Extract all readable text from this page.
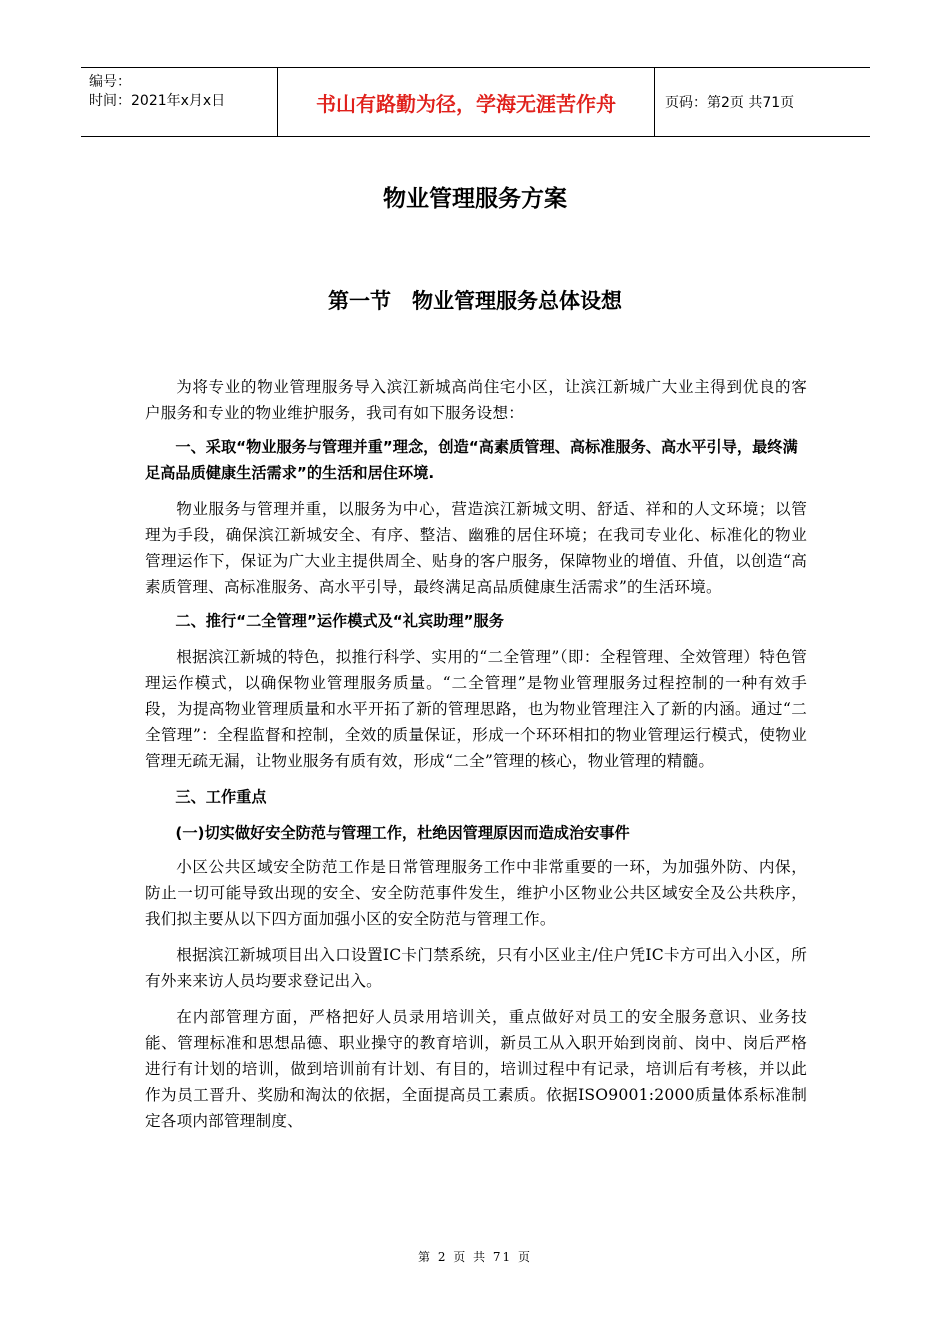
编号：
时间：2021年x月x日	书山有路勤为径，学海无涯苦作舟	页码：第2页 共71页
物业管理服务方案
第一节　物业管理服务总体设想

为将专业的物业管理服务导入滨江新城高尚住宅小区，让滨江新城广大业主得到优良的客户服务和专业的物业维护服务，我司有如下服务设想：

一、采取“物业服务与管理并重”理念，创造“高素质管理、高标准服务、高水平引导，最终满足高品质健康生活需求”的生活和居住环境.

物业服务与管理并重，以服务为中心，营造滨江新城文明、舒适、祥和的人文环境；以管理为手段，确保滨江新城安全、有序、整洁、幽雅的居住环境；在我司专业化、标准化的物业管理运作下，保证为广大业主提供周全、贴身的客户服务，保障物业的增值、升值，以创造“高素质管理、高标准服务、高水平引导，最终满足高品质健康生活需求”的生活环境。

二、推行“二全管理”运作模式及“礼宾助理”服务

根据滨江新城的特色，拟推行科学、实用的“二全管理”（即：全程管理、全效管理）特色管理运作模式，以确保物业管理服务质量。“二全管理”是物业管理服务过程控制的一种有效手段，为提高物业管理质量和水平开拓了新的管理思路，也为物业管理注入了新的内涵。通过“二全管理”：全程监督和控制，全效的质量保证，形成一个环环相扣的物业管理运行模式，使物业管理无疏无漏，让物业服务有质有效，形成“二全”管理的核心，物业管理的精髓。

三、工作重点

(一)切实做好安全防范与管理工作，杜绝因管理原因而造成治安事件

小区公共区域安全防范工作是日常管理服务工作中非常重要的一环，为加强外防、内保，防止一切可能导致出现的安全、安全防范事件发生，维护小区物业公共区域安全及公共秩序，我们拟主要从以下四方面加强小区的安全防范与管理工作。

根据滨江新城项目出入口设置IC卡门禁系统，只有小区业主/住户凭IC卡方可出入小区，所有外来来访人员均要求登记出入。

在内部管理方面，严格把好人员录用培训关，重点做好对员工的安全服务意识、业务技能、管理标准和思想品德、职业操守的教育培训，新员工从入职开始到岗前、岗中、岗后严格进行有计划的培训，做到培训前有计划、有目的，培训过程中有记录，培训后有考核，并以此作为员工晋升、奖励和淘汰的依据，全面提高员工素质。依据ISO9001:2000质量体系标准制定各项内部管理制度、

第 2 页 共 71 页
